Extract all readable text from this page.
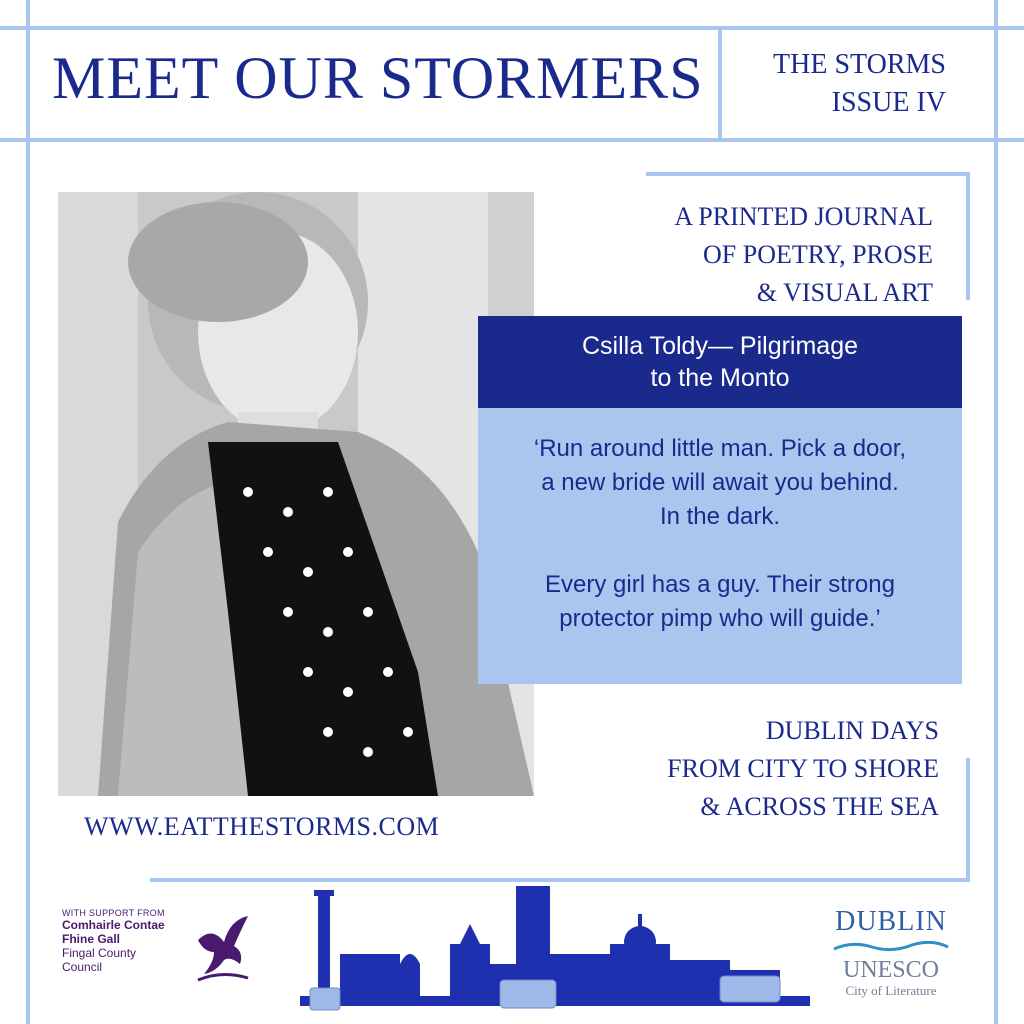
MEET OUR STORMERS	THE STORMS
ISSUE IV
A PRINTED JOURNAL
OF POETRY, PROSE
& VISUAL ART
Csilla Toldy— Pilgrimage
to the Monto
‘Run around little man. Pick a door,
a new bride will await you behind.
In the dark.
Every girl has a guy. Their strong
protector pimp who will guide.’
DUBLIN DAYS
FROM CITY TO SHORE
& ACROSS THE SEA
WWW.EATTHESTORMS.COM
WITH SUPPORT FROM
Comhairle Contae
Fhine Gall
Fingal County
Council
DUBLIN
UNESCO
City of Literature
